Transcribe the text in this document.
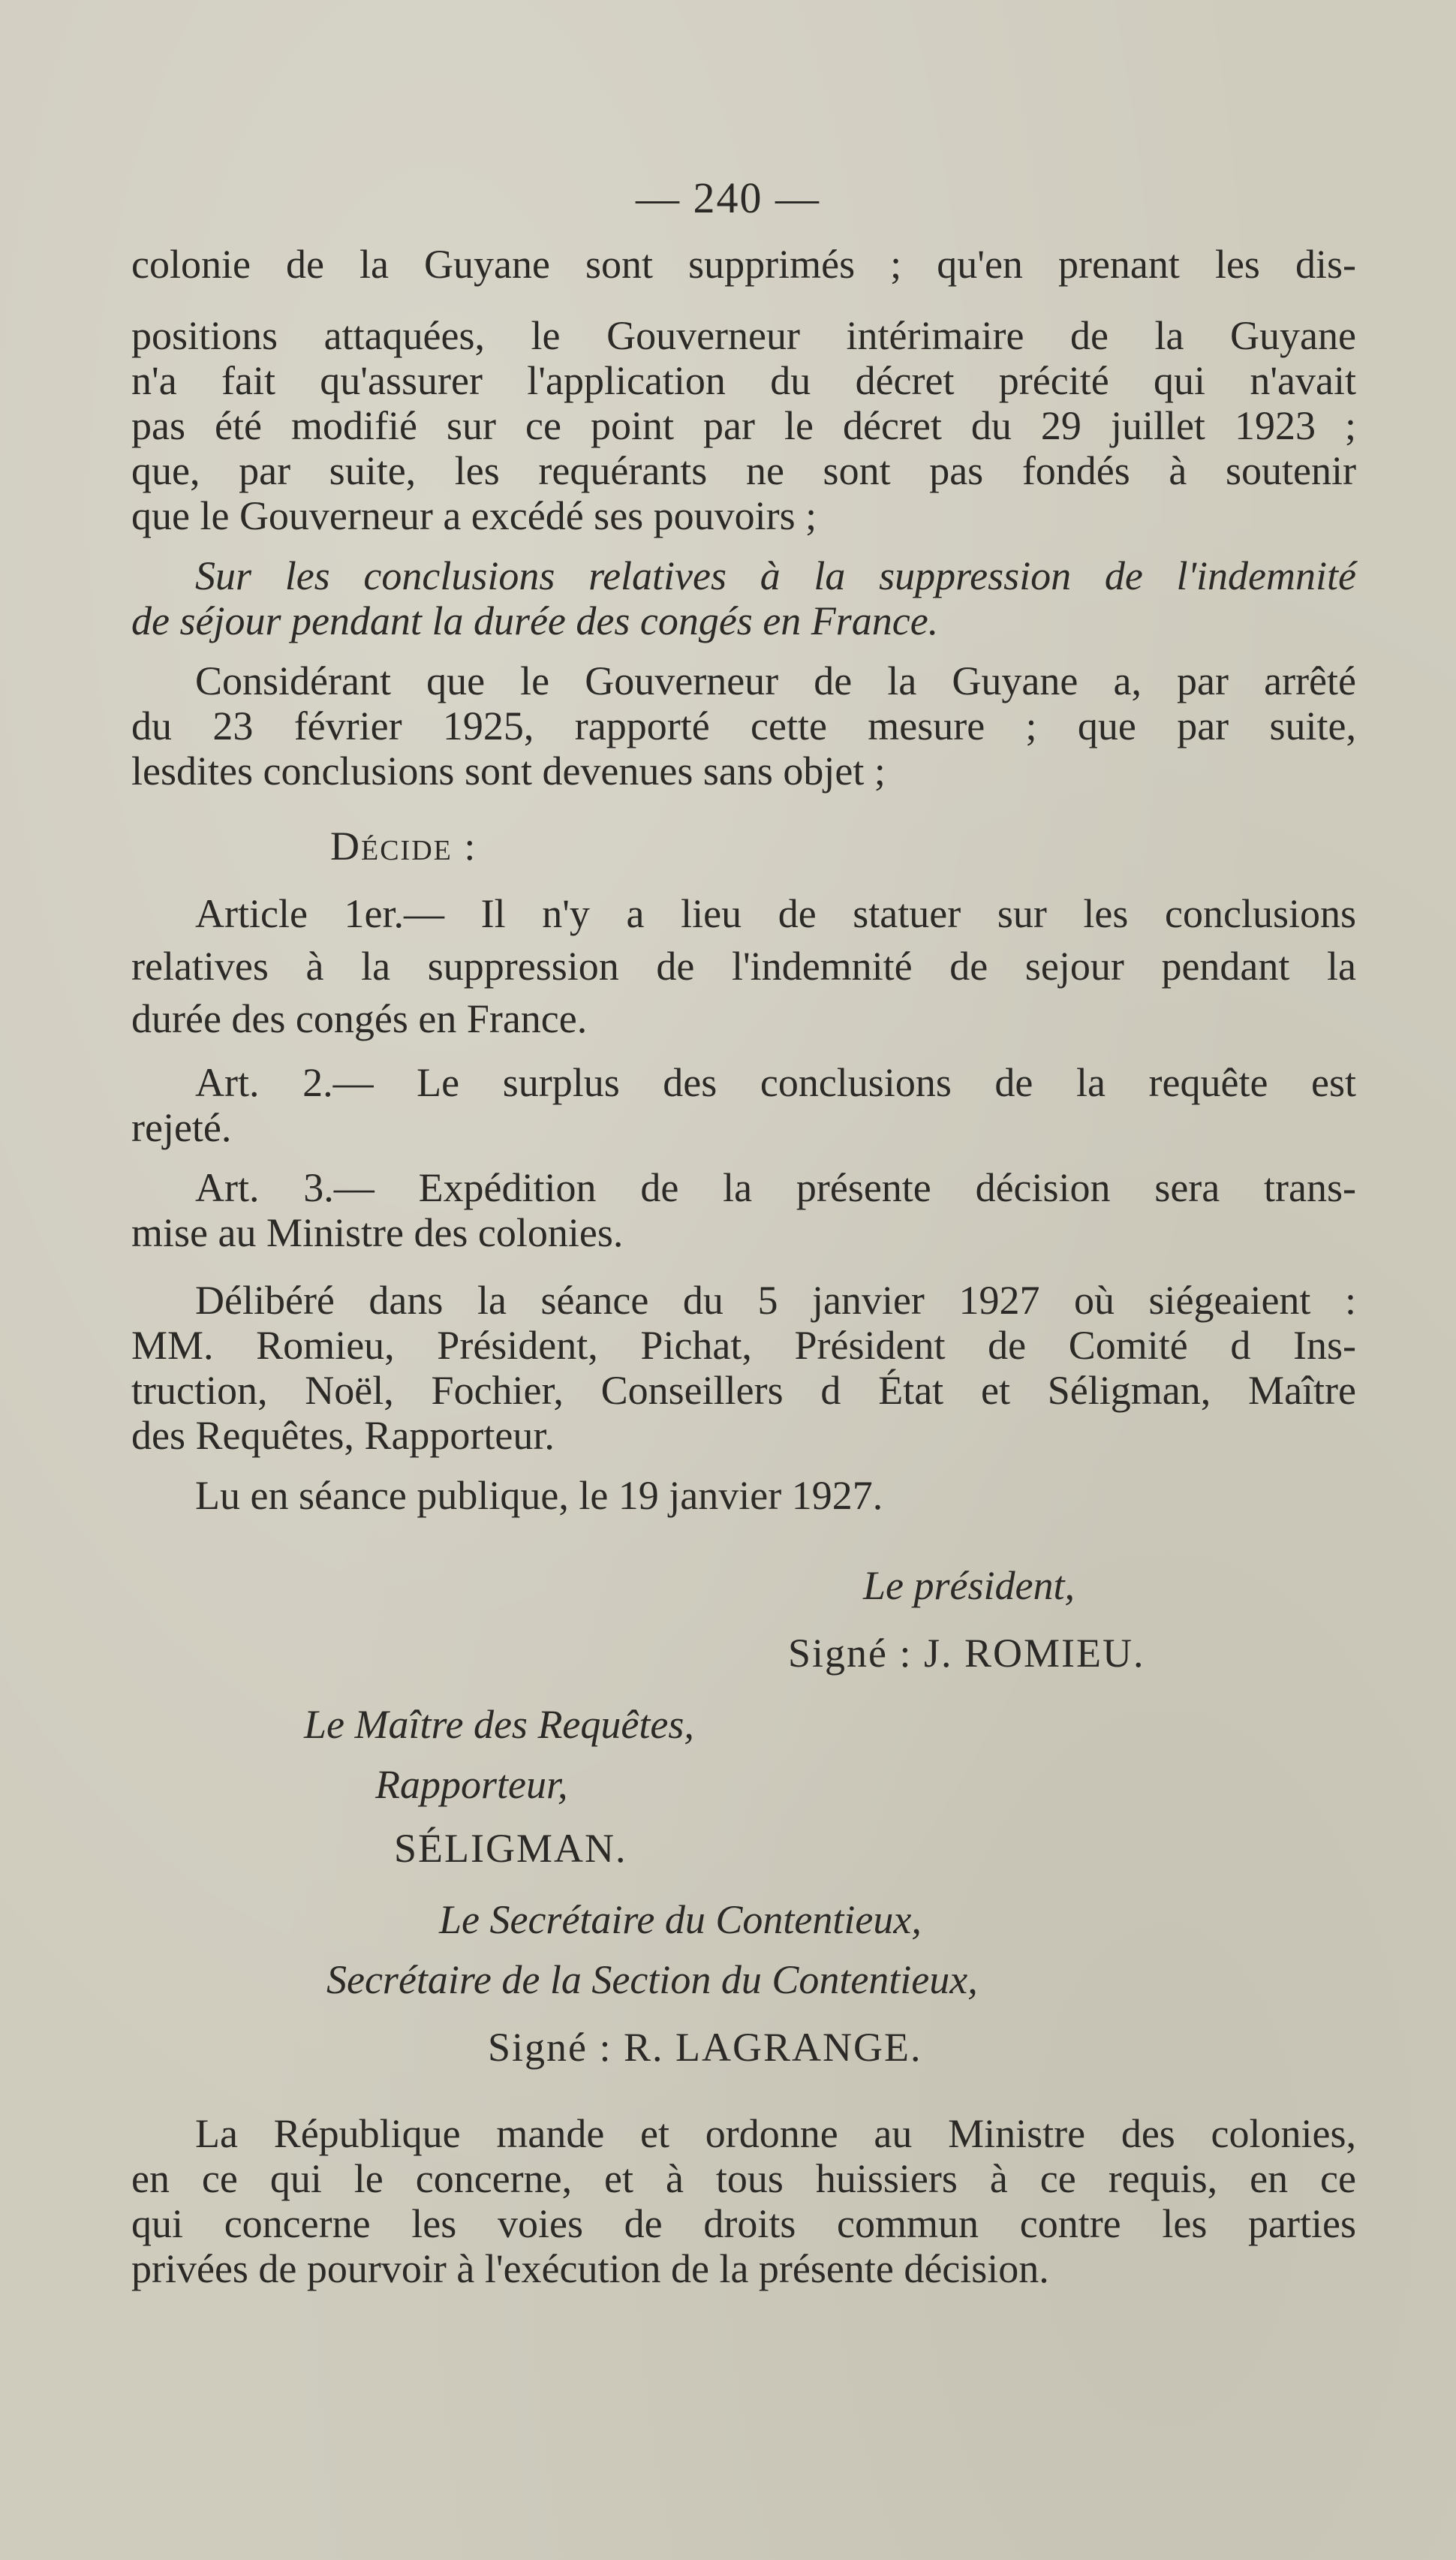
— 240 —
colonie de la Guyane sont supprimés ; qu'en prenant les dis-
positions attaquées, le Gouverneur intérimaire de la Guyane
n'a fait qu'assurer l'application du décret précité qui n'avait
pas été modifié sur ce point par le décret du 29 juillet 1923 ;
que, par suite, les requérants ne sont pas fondés à soutenir
que le Gouverneur a excédé ses pouvoirs ;
Sur les conclusions relatives à la suppression de l'indemnité
de séjour pendant la durée des congés en France.
Considérant que le Gouverneur de la Guyane a, par arrêté
du 23 février 1925, rapporté cette mesure ; que par suite,
lesdites conclusions sont devenues sans objet ;
Décide :
Article 1er.— Il n'y a lieu de statuer sur les conclusions
relatives à la suppression de l'indemnité de sejour pendant la
durée des congés en France.
Art. 2.— Le surplus des conclusions de la requête est
rejeté.
Art. 3.— Expédition de la présente décision sera trans-
mise au Ministre des colonies.
Délibéré dans la séance du 5 janvier 1927 où siégeaient :
MM. Romieu, Président, Pichat, Président de Comité d Ins-
truction, Noël, Fochier, Conseillers d État et Séligman, Maître
des Requêtes, Rapporteur.
Lu en séance publique, le 19 janvier 1927.
Le président,
Signé : J. ROMIEU.
Le Maître des Requêtes,
Rapporteur,
SÉLIGMAN.
Le Secrétaire du Contentieux,
Secrétaire de la Section du Contentieux,
Signé : R. LAGRANGE.
La République mande et ordonne au Ministre des colonies,
en ce qui le concerne, et à tous huissiers à ce requis, en ce
qui concerne les voies de droits commun contre les parties
privées de pourvoir à l'exécution de la présente décision.
